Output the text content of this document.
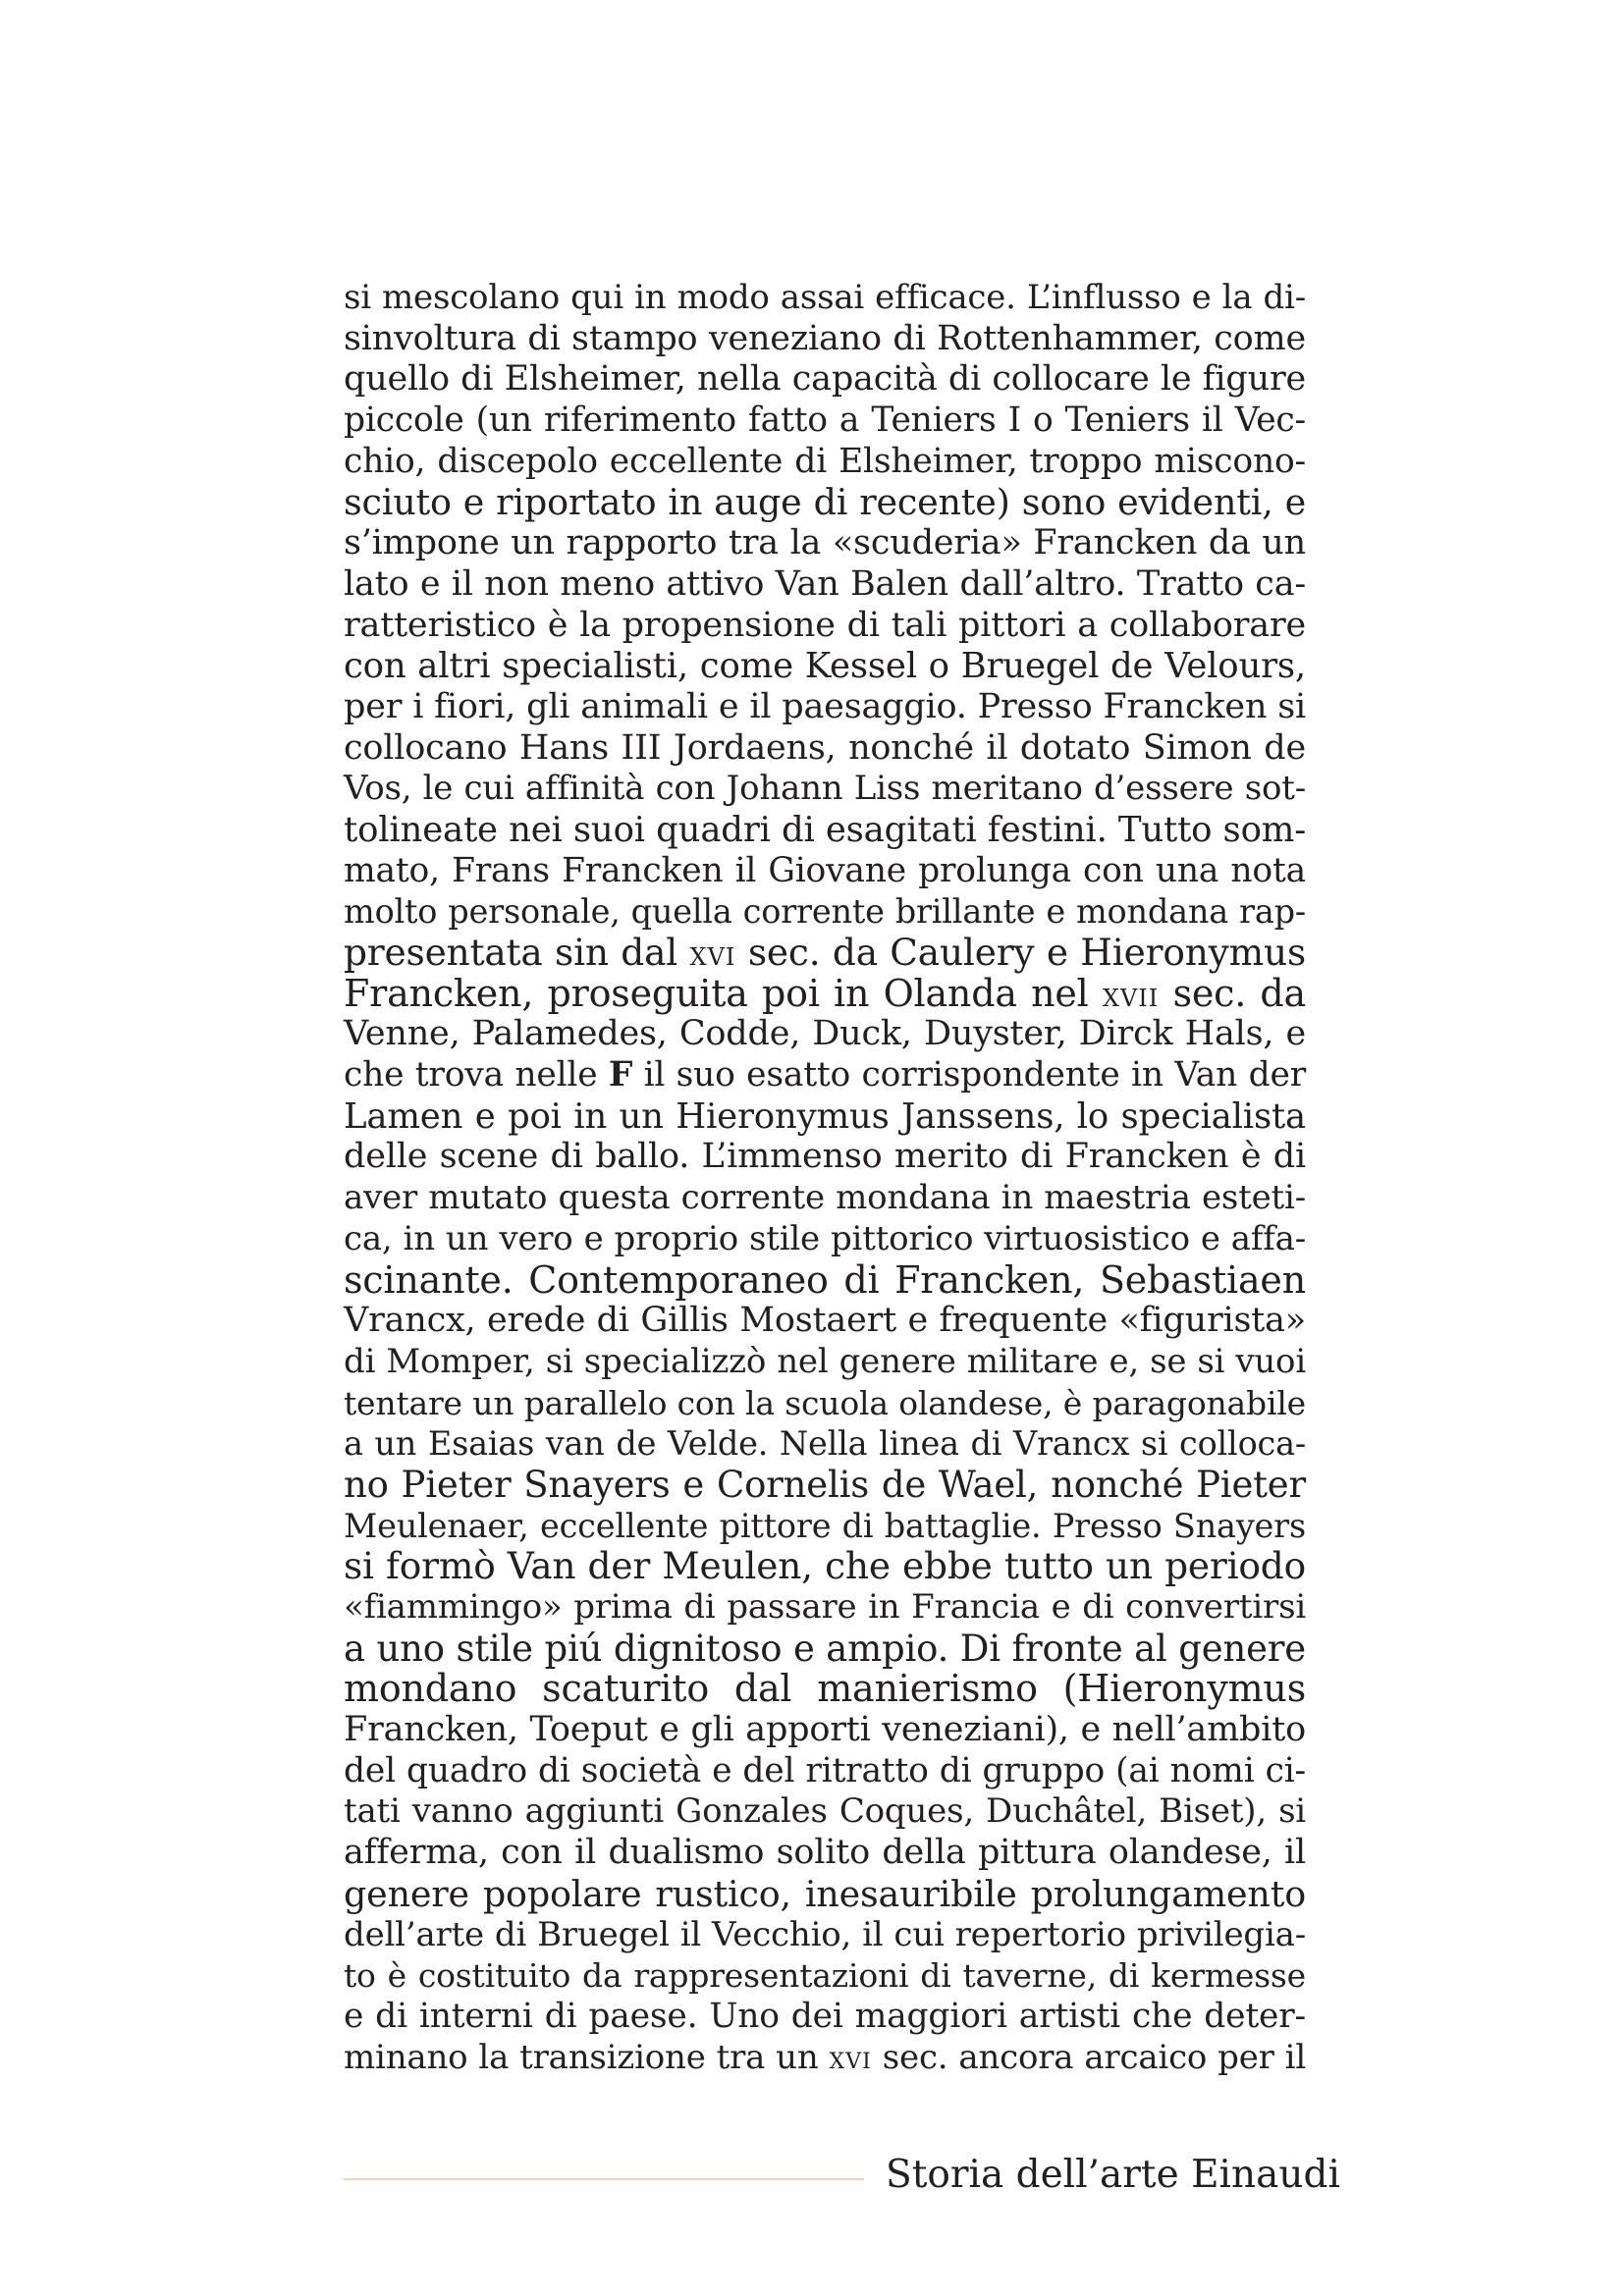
si mescolano qui in modo assai efficace. L’influsso e la di-
sinvoltura di stampo veneziano di Rottenhammer, come
quello di Elsheimer, nella capacità di collocare le figure
piccole (un riferimento fatto a Teniers I o Teniers il Vec-
chio, discepolo eccellente di Elsheimer, troppo miscono-
sciuto e riportato in auge di recente) sono evidenti, e
s’impone un rapporto tra la «scuderia» Francken da un
lato e il non meno attivo Van Balen dall’altro. Tratto ca-
ratteristico è la propensione di tali pittori a collaborare
con altri specialisti, come Kessel o Bruegel de Velours,
per i fiori, gli animali e il paesaggio. Presso Francken si
collocano Hans III Jordaens, nonché il dotato Simon de
Vos, le cui affinità con Johann Liss meritano d’essere sot-
tolineate nei suoi quadri di esagitati festini. Tutto som-
mato, Frans Francken il Giovane prolunga con una nota
molto personale, quella corrente brillante e mondana rap-
presentata sin dal xvi sec. da Caulery e Hieronymus
Francken, proseguita poi in Olanda nel xvii sec. da
Venne, Palamedes, Codde, Duck, Duyster, Dirck Hals, e
che trova nelle F il suo esatto corrispondente in Van der
Lamen e poi in un Hieronymus Janssens, lo specialista
delle scene di ballo. L’immenso merito di Francken è di
aver mutato questa corrente mondana in maestria esteti-
ca, in un vero e proprio stile pittorico virtuosistico e affa-
scinante. Contemporaneo di Francken, Sebastiaen
Vrancx, erede di Gillis Mostaert e frequente «figurista»
di Momper, si specializzò nel genere militare e, se si vuoi
tentare un parallelo con la scuola olandese, è paragonabile
a un Esaias van de Velde. Nella linea di Vrancx si colloca-
no Pieter Snayers e Cornelis de Wael, nonché Pieter
Meulenaer, eccellente pittore di battaglie. Presso Snayers
si formò Van der Meulen, che ebbe tutto un periodo
«fiammingo» prima di passare in Francia e di convertirsi
a uno stile piú dignitoso e ampio. Di fronte al genere
mondano scaturito dal manierismo (Hieronymus
Francken, Toeput e gli apporti veneziani), e nell’ambito
del quadro di società e del ritratto di gruppo (ai nomi ci-
tati vanno aggiunti Gonzales Coques, Duchâtel, Biset), si
afferma, con il dualismo solito della pittura olandese, il
genere popolare rustico, inesauribile prolungamento
dell’arte di Bruegel il Vecchio, il cui repertorio privilegia-
to è costituito da rappresentazioni di taverne, di kermesse
e di interni di paese. Uno dei maggiori artisti che deter-
minano la transizione tra un xvi sec. ancora arcaico per il
Storia dell’arte Einaudi
